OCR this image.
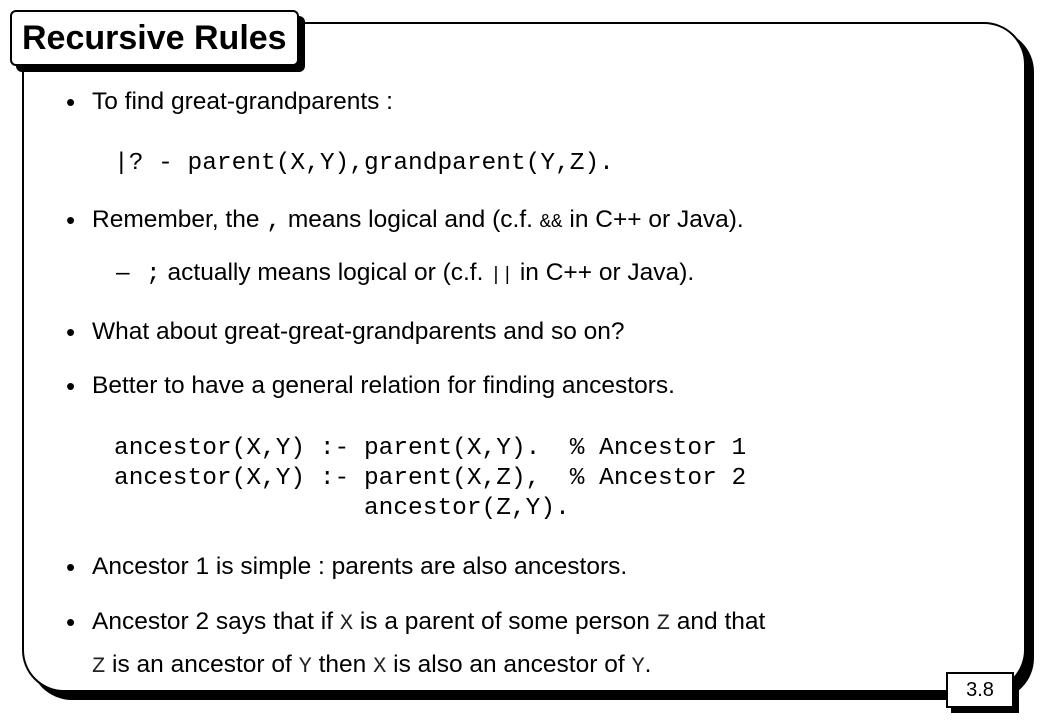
Recursive Rules
• To find great-grandparents :
|? - parent(X,Y),grandparent(Y,Z).
• Remember, the , means logical and (c.f. && in C++ or Java).
– ; actually means logical or (c.f. || in C++ or Java).
• What about great-great-grandparents and so on?
• Better to have a general relation for finding ancestors.
ancestor(X,Y) :- parent(X,Y).  % Ancestor 1
ancestor(X,Y) :- parent(X,Z),  % Ancestor 2
ancestor(Z,Y).
• Ancestor 1 is simple : parents are also ancestors.
• Ancestor 2 says that if X is a parent of some person Z and that
Z is an ancestor of Y then X is also an ancestor of Y.
3.8
